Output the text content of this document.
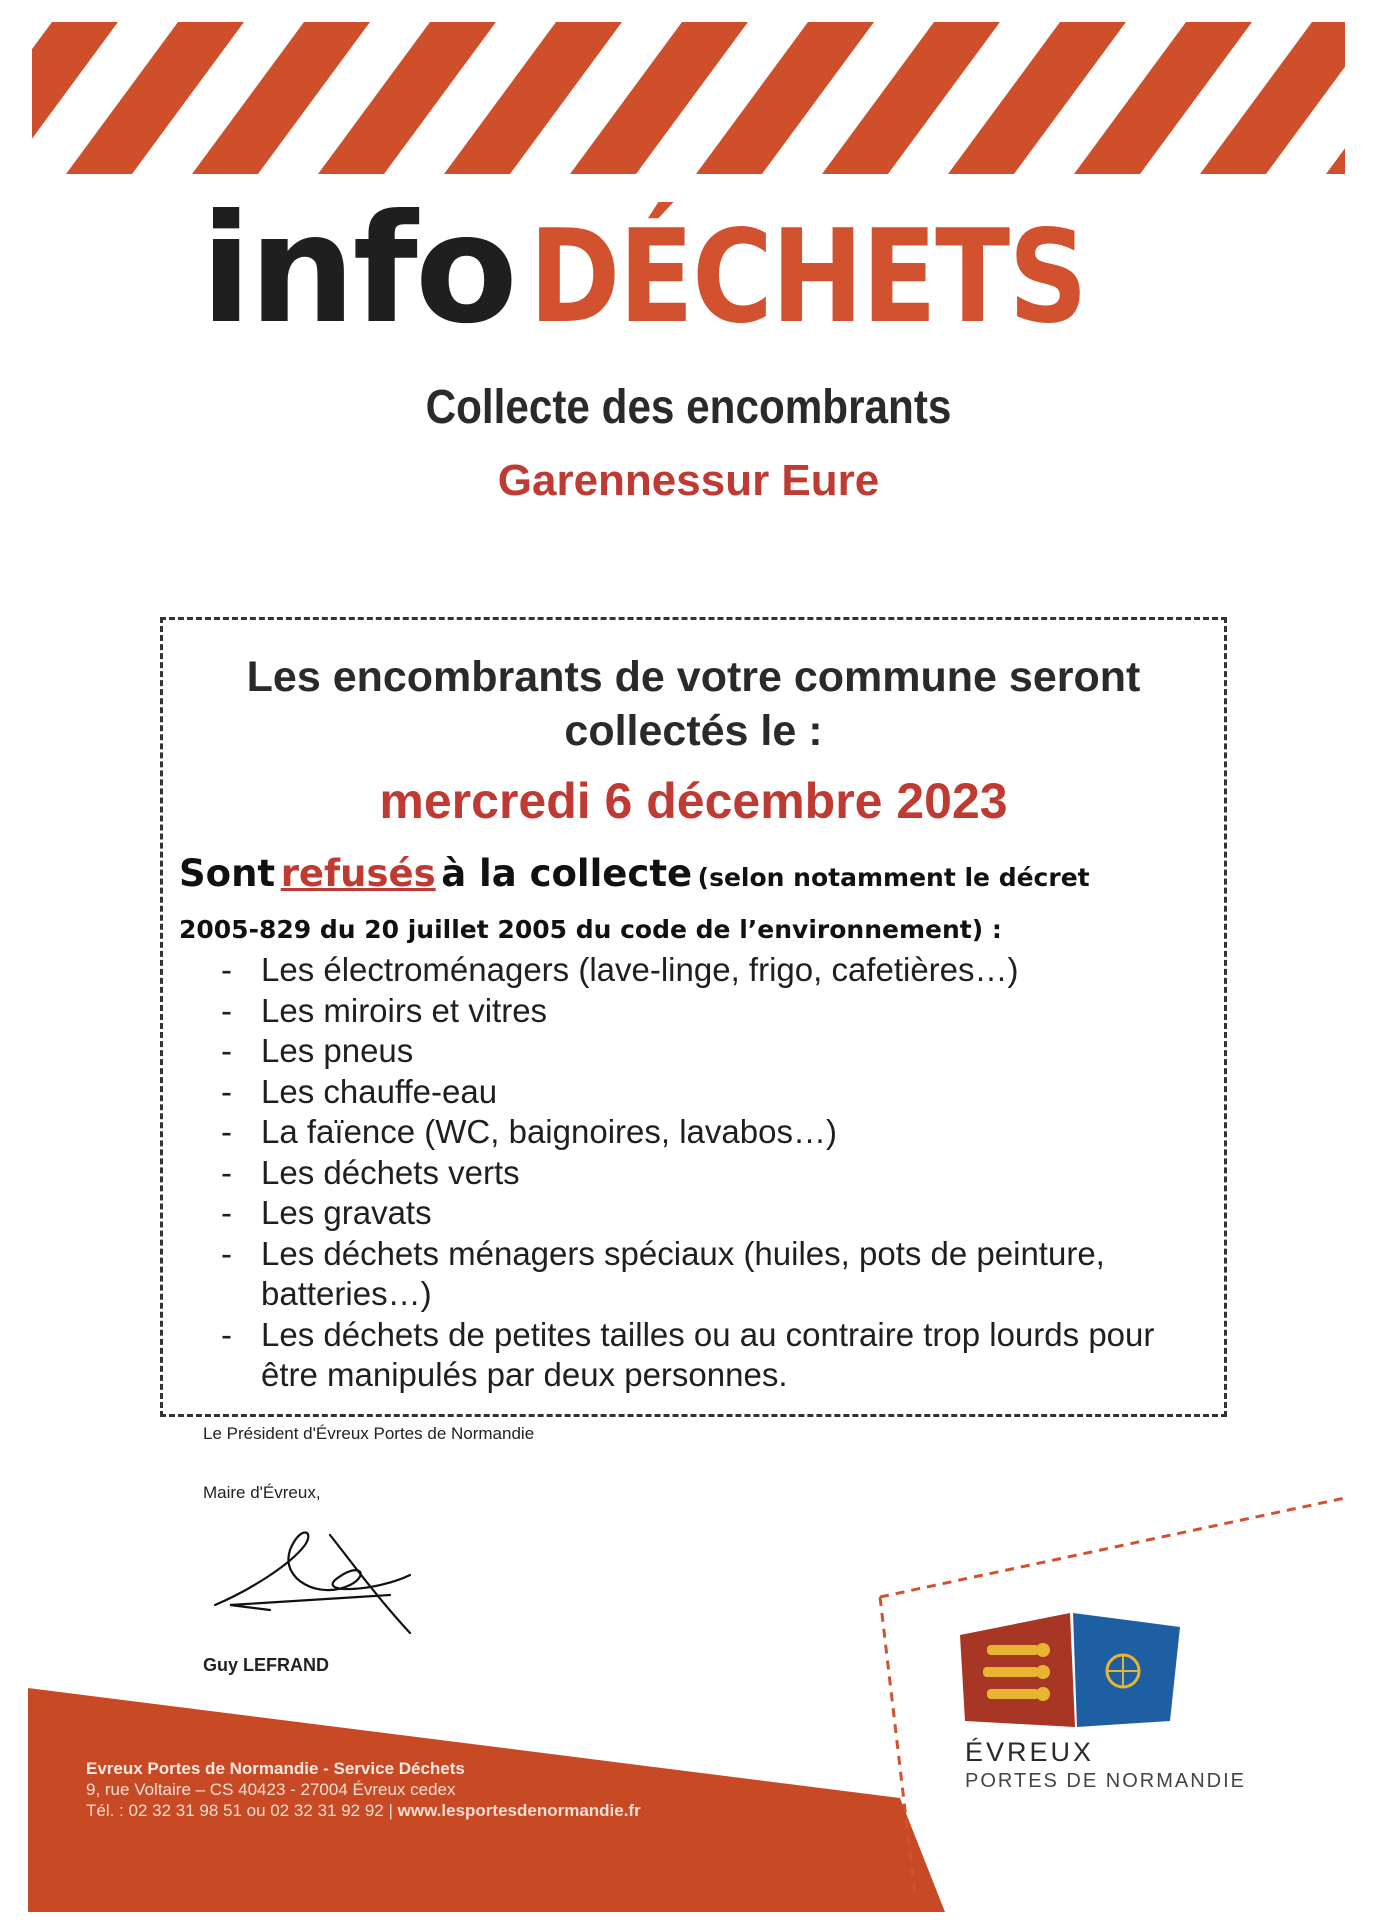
info DÉCHETS
Collecte des encombrants
Garennessur Eure
Les encombrants de votre commune seront collectés le :
mercredi 6 décembre 2023
Sont refusés à la collecte (selon notamment le décret
2005-829 du 20 juillet 2005 du code de l’environnement) :
- Les électroménagers (lave-linge, frigo, cafetières…)
- Les miroirs et vitres
- Les pneus
- Les chauffe-eau
- La faïence (WC, baignoires, lavabos…)
- Les déchets verts
- Les gravats
- Les déchets ménagers spéciaux (huiles, pots de peinture, batteries…)
- Les déchets de petites tailles ou au contraire trop lourds pour être manipulés par deux personnes.
Le Président d'Évreux Portes de Normandie
Maire d'Évreux,
Guy LEFRAND
Evreux Portes de Normandie - Service Déchets
9, rue Voltaire – CS 40423 - 27004 Évreux cedex
Tél. : 02 32 31 98 51 ou 02 32 31 92 92 | www.lesportesdenormandie.fr
ÉVREUX
PORTES DE NORMANDIE
